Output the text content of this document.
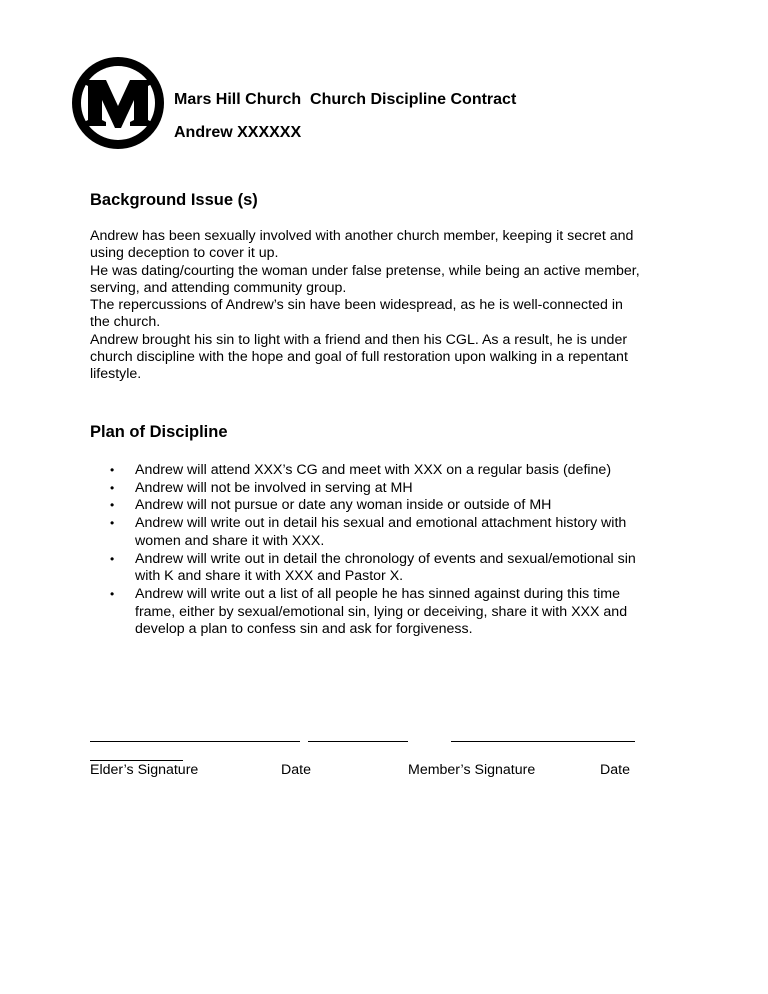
Mars Hill Church  Church Discipline Contract
Andrew XXXXXX
Background Issue (s)
Andrew has been sexually involved with another church member, keeping it secret and
using deception to cover it up.
He was dating/courting the woman under false pretense, while being an active member,
serving, and attending community group.
The repercussions of Andrew’s sin have been widespread, as he is well-connected in
the church.
Andrew brought his sin to light with a friend and then his CGL. As a result, he is under
church discipline with the hope and goal of full restoration upon walking in a repentant
lifestyle.
Plan of Discipline
• Andrew will attend XXX’s CG and meet with XXX on a regular basis (define)
• Andrew will not be involved in serving at MH
• Andrew will not pursue or date any woman inside or outside of MH
• Andrew will write out in detail his sexual and emotional attachment history with
women and share it with XXX.
• Andrew will write out in detail the chronology of events and sexual/emotional sin
with K and share it with XXX and Pastor X.
• Andrew will write out a list of all people he has sinned against during this time
frame, either by sexual/emotional sin, lying or deceiving, share it with XXX and
develop a plan to confess sin and ask for forgiveness.
Elder’s Signature	Date	Member’s Signature	Date
